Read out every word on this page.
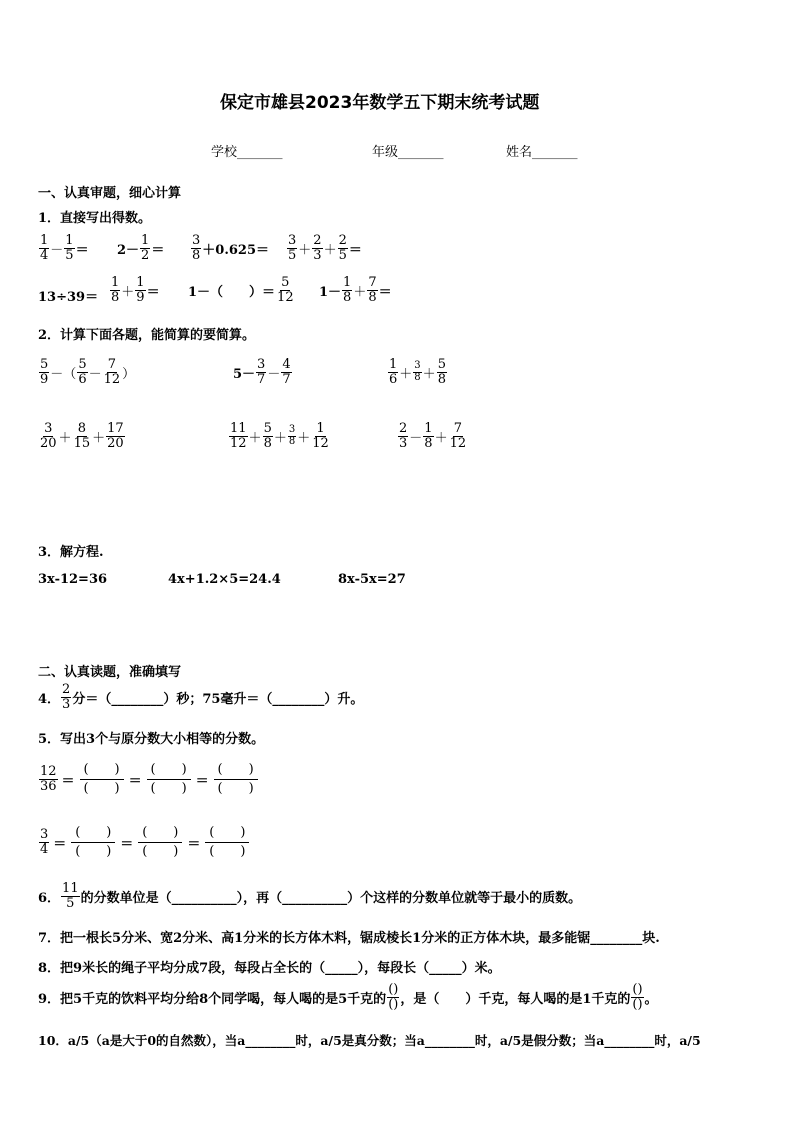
保定市雄县2023年数学五下期末统考试题
学校_______	年级_______	姓名_______
一、认真审题，细心计算
1．直接写出得数。
$\frac{1}{4} - \frac{1}{5} = 2- \frac{1}{2} = \frac{3}{8} +0.625= \frac{3}{5} + \frac{2}{3} + \frac{2}{5}$ ＝
$13\div 39= \frac{1}{8} + \frac{1}{9} = 1-$（　　）＝ $\frac{5}{12} 1- \frac{1}{8} + \frac{7}{8}$ ＝
2．计算下面各题，能简算的要简算。
$\frac{5}{9}$ － （ $\frac{5}{6} - \frac{7}{12}$ ）	$5- \frac{3}{7} - \frac{4}{7}$	$\frac{1}{6} + \frac{3}{8} + \frac{5}{8}$
$\frac{3}{20} + \frac{8}{15} + \frac{17}{20}$	$\frac{11}{12} + \frac{5}{8} + \frac{3}{8} + \frac{1}{12}$	$\frac{2}{3} - \frac{1}{8} + \frac{7}{12}$
3．解方程.
3x-12=36	4x+1.2×5=24.4	8x-5x=27
二、认真读题，准确填写
4． $\frac{2}{3}$ 分＝（________）秒；75毫升＝（________）升。
5．写出3个与原分数大小相等的分数。
$\frac{12}{36}$ ＝
(　　)
(　　) ＝
(　　)
(　　) ＝
(　　)
(　　)
$\frac{3}{4}$ ＝
(　　)
(　　) ＝
(　　)
(　　) ＝
(　　)
(　　)
6． $\frac{11}{5}$ 的分数单位是（__________），再（__________）个这样的分数单位就等于最小的质数。
7．把一根长5分米、宽2分米、高1分米的长方体木料，锯成棱长1分米的正方体木块，最多能锯________块.
8．把9米长的绳子平均分成7段，每段占全长的（_____），每段长（_____）米。
9．把5千克的饮料平均分给8个同学喝，每人喝的是5千克的 $\frac{()}{()}$ ，是（　　）千克，每人喝的是1千克的 $\frac{()}{()}$ 。
10．a/5（a是大于0的自然数），当a________时，a/5是真分数；当a________时，a/5是假分数；当a________时，a/5
